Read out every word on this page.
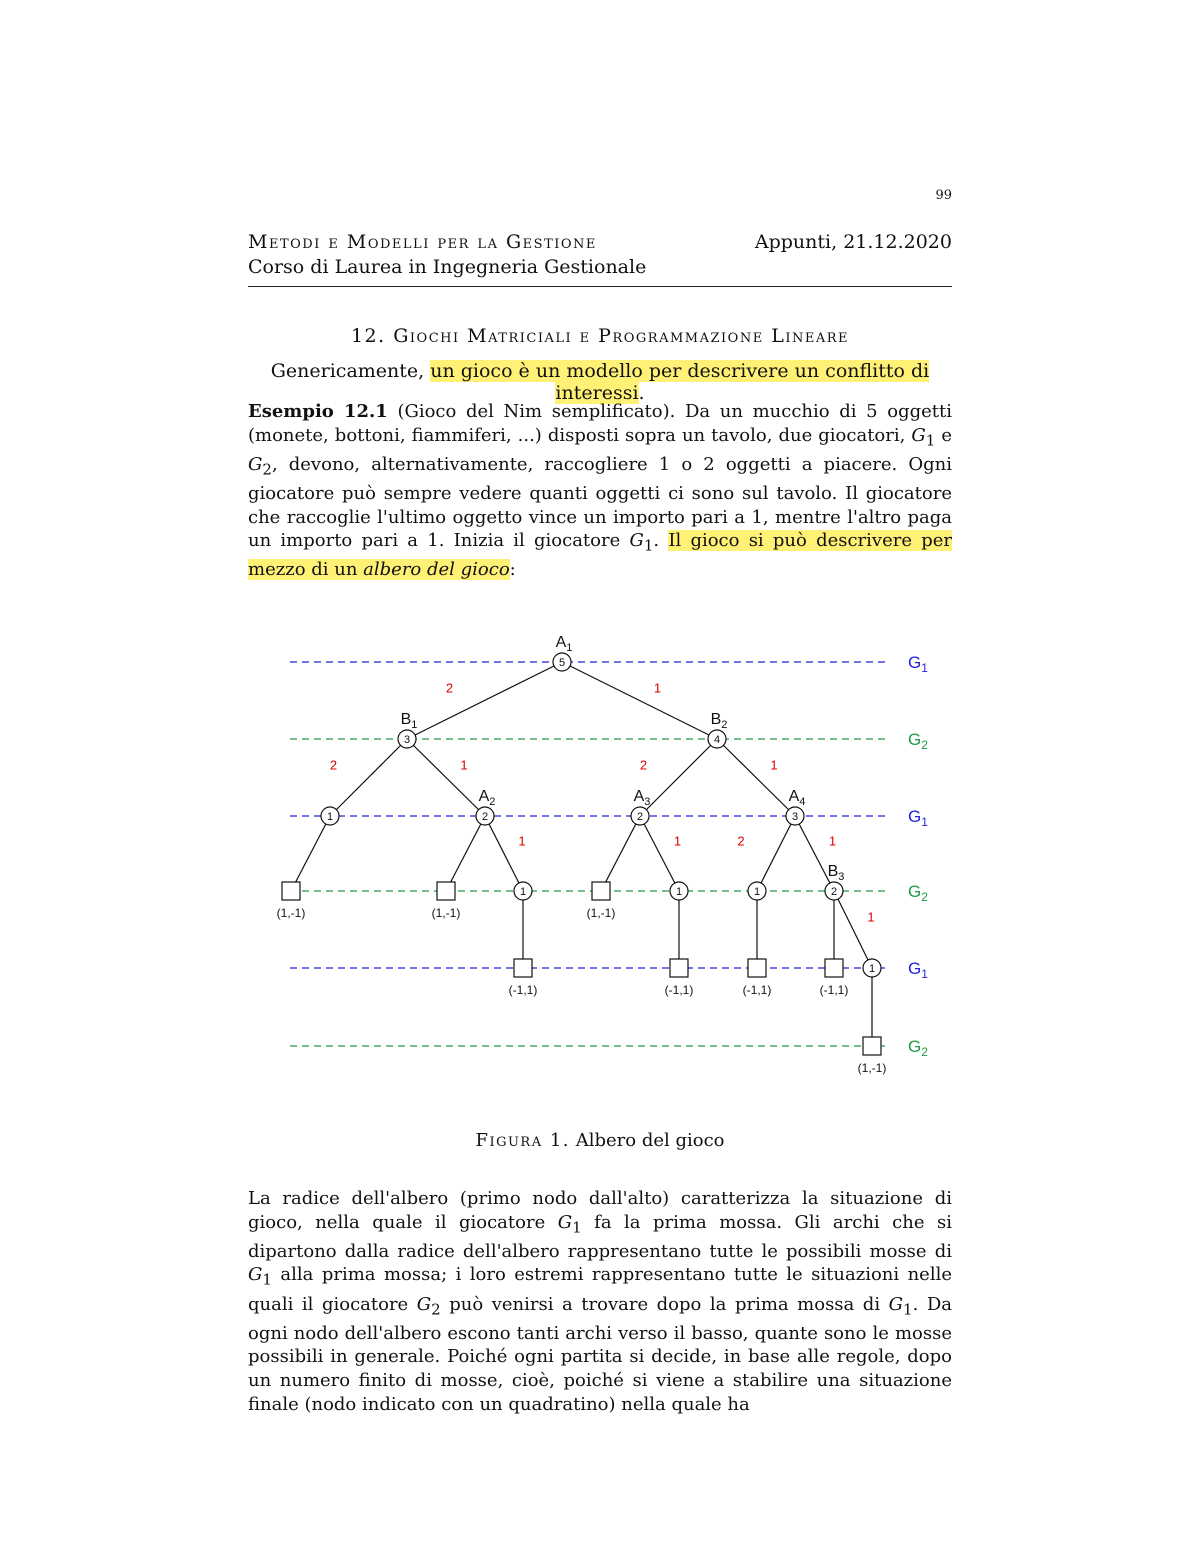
99
Metodi e Modelli per la Gestione	Appunti, 21.12.2020
Corso di Laurea in Ingegneria Gestionale
12. Giochi Matriciali e Programmazione Lineare
Genericamente, un gioco è un modello per descrivere un conflitto di interessi.
Esempio 12.1 (Gioco del Nim semplificato). Da un mucchio di 5 oggetti (monete, bottoni, fiammiferi, ...) disposti sopra un tavolo, due giocatori, $G_1$ e $G_2$, devono, alternativamente, raccogliere 1 o 2 oggetti a piacere. Ogni giocatore può sempre vedere quanti oggetti ci sono sul tavolo. Il giocatore che raccoglie l'ultimo oggetto vince un importo pari a 1, mentre l'altro paga un importo pari a 1. Inizia il giocatore $G_1$. Il gioco si può descrivere per mezzo di un albero del gioco:
$G_1$
$G_2$
$G_1$
$G_2$
$G_1$
$G_2$
2	1
2	1	2	1
1	1	2	1
1
5
3	4
1	2	2	3
1	1	1	2
1
(1,-1)	(1,-1)	(1,-1)
(-1,1)	(-1,1)	(-1,1)	(-1,1)
(1,-1)
$A_1$
$B_1$	$B_2$
$A_2$	$A_3$	$A_4$
$B_3$
Figura 1. Albero del gioco
La radice dell'albero (primo nodo dall'alto) caratterizza la situazione di gioco, nella quale il giocatore $G_1$ fa la prima mossa. Gli archi che si dipartono dalla radice dell'albero rappresentano tutte le possibili mosse di $G_1$ alla prima mossa; i loro estremi rappresentano tutte le situazioni nelle quali il giocatore $G_2$ può venirsi a trovare dopo la prima mossa di $G_1$. Da ogni nodo dell'albero escono tanti archi verso il basso, quante sono le mosse possibili in generale. Poiché ogni partita si decide, in base alle regole, dopo un numero finito di mosse, cioè, poiché si viene a stabilire una situazione finale (nodo indicato con un quadratino) nella quale ha
